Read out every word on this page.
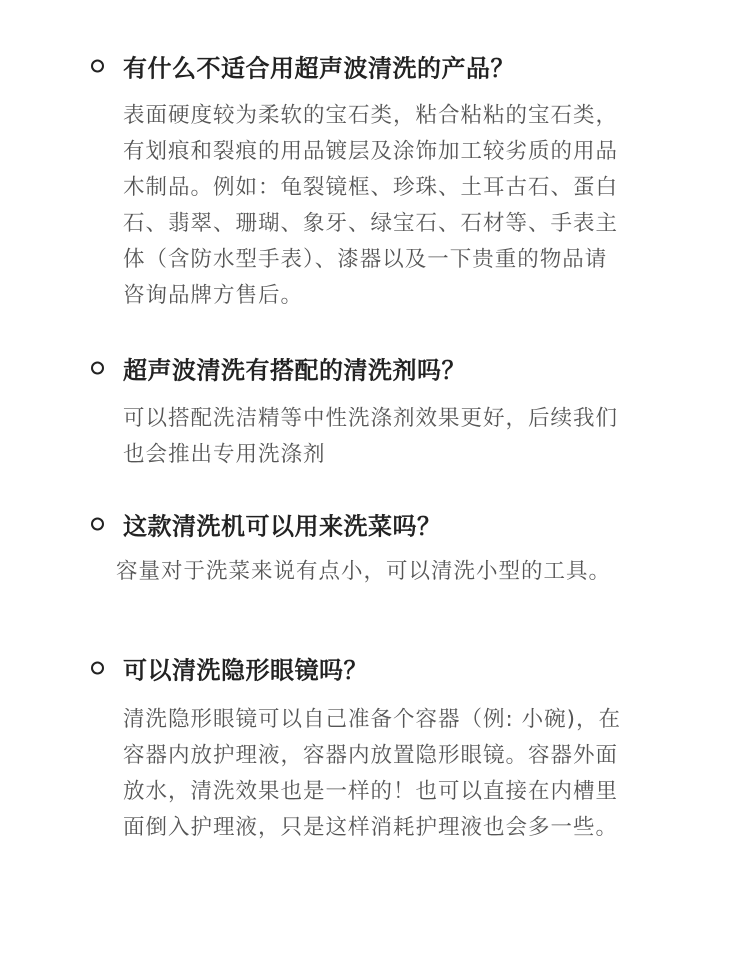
有什么不适合用超声波清洗的产品？
表面硬度较为柔软的宝石类，粘合粘粘的宝石类，
有划痕和裂痕的用品镀层及涂饰加工较劣质的用品
木制品。例如：龟裂镜框、珍珠、土耳古石、蛋白
石、翡翠、珊瑚、象牙、绿宝石、石材等、手表主
体（含防水型手表）、漆器以及一下贵重的物品请
咨询品牌方售后。
超声波清洗有搭配的清洗剂吗？
可以搭配洗洁精等中性洗涤剂效果更好，后续我们
也会推出专用洗涤剂
这款清洗机可以用来洗菜吗？
容量对于洗菜来说有点小，可以清洗小型的工具。
可以清洗隐形眼镜吗？
清洗隐形眼镜可以自己准备个容器（例: 小碗)，在
容器内放护理液，容器内放置隐形眼镜。容器外面
放水，清洗效果也是一样的！也可以直接在内槽里
面倒入护理液，只是这样消耗护理液也会多一些。
